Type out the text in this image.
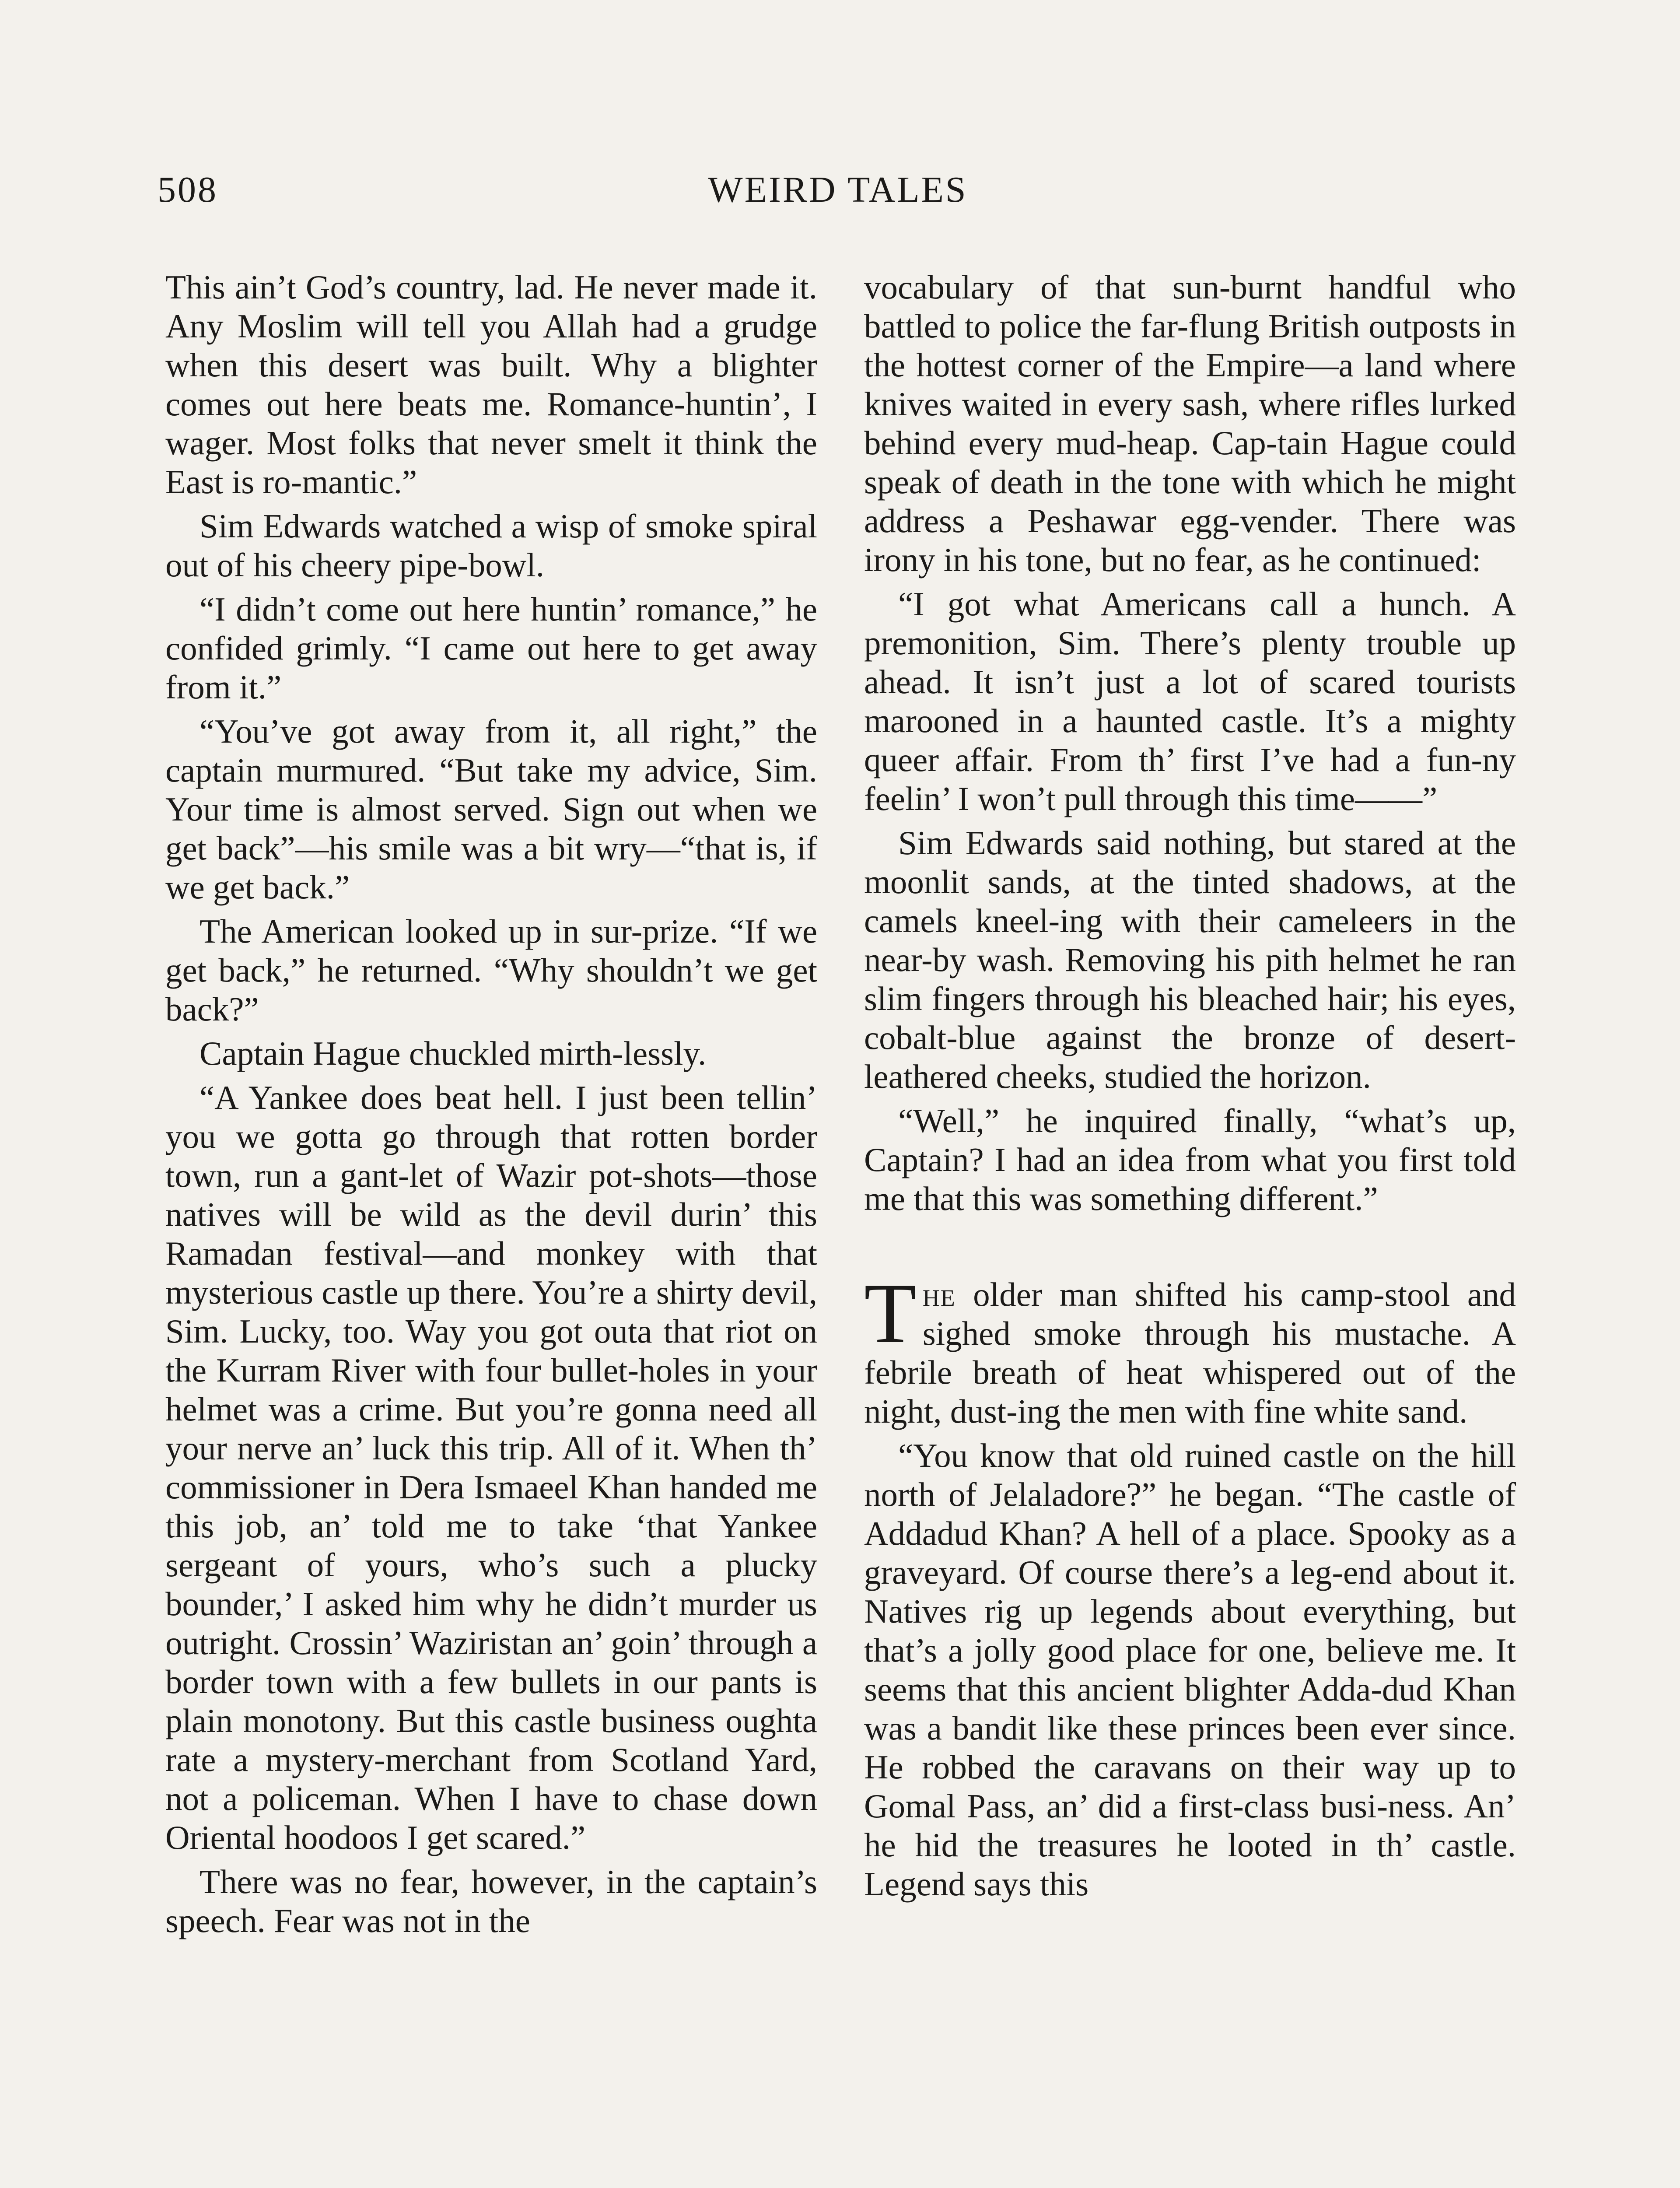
508	WEIRD TALES

This ain’t God’s country, lad. He never made it. Any Moslim will tell you Allah had a grudge when this desert was built. Why a blighter comes out here beats me. Romance-huntin’, I wager. Most folks that never smelt it think the East is ro-mantic.”

Sim Edwards watched a wisp of smoke spiral out of his cheery pipe-bowl.

“I didn’t come out here huntin’ romance,” he confided grimly. “I came out here to get away from it.”

“You’ve got away from it, all right,” the captain murmured. “But take my advice, Sim. Your time is almost served. Sign out when we get back”—his smile was a bit wry—“that is, if we get back.”

The American looked up in sur-prize. “If we get back,” he returned. “Why shouldn’t we get back?”

Captain Hague chuckled mirth-lessly.

“A Yankee does beat hell. I just been tellin’ you we gotta go through that rotten border town, run a gant-let of Wazir pot-shots—those natives will be wild as the devil durin’ this Ramadan festival—and monkey with that mysterious castle up there. You’re a shirty devil, Sim. Lucky, too. Way you got outa that riot on the Kurram River with four bullet-holes in your helmet was a crime. But you’re gonna need all your nerve an’ luck this trip. All of it. When th’ commissioner in Dera Ismaeel Khan handed me this job, an’ told me to take ‘that Yankee sergeant of yours, who’s such a plucky bounder,’ I asked him why he didn’t murder us outright. Crossin’ Waziristan an’ goin’ through a border town with a few bullets in our pants is plain monotony. But this castle business oughta rate a mystery-merchant from Scotland Yard, not a policeman. When I have to chase down Oriental hoodoos I get scared.”

There was no fear, however, in the captain’s speech. Fear was not in the

vocabulary of that sun-burnt handful who battled to police the far-flung British outposts in the hottest corner of the Empire—a land where knives waited in every sash, where rifles lurked behind every mud-heap. Cap-tain Hague could speak of death in the tone with which he might address a Peshawar egg-vender. There was irony in his tone, but no fear, as he continued:

“I got what Americans call a hunch. A premonition, Sim. There’s plenty trouble up ahead. It isn’t just a lot of scared tourists marooned in a haunted castle. It’s a mighty queer affair. From th’ first I’ve had a fun-ny feelin’ I won’t pull through this time——”

Sim Edwards said nothing, but stared at the moonlit sands, at the tinted shadows, at the camels kneel-ing with their cameleers in the near-by wash. Removing his pith helmet he ran slim fingers through his bleached hair; his eyes, cobalt-blue against the bronze of desert-leathered cheeks, studied the horizon.

“Well,” he inquired finally, “what’s up, Captain? I had an idea from what you first told me that this was something different.”

The older man shifted his camp-stool and sighed smoke through his mustache. A febrile breath of heat whispered out of the night, dust-ing the men with fine white sand.

“You know that old ruined castle on the hill north of Jelaladore?” he began. “The castle of Addadud Khan? A hell of a place. Spooky as a graveyard. Of course there’s a leg-end about it. Natives rig up legends about everything, but that’s a jolly good place for one, believe me. It seems that this ancient blighter Adda-dud Khan was a bandit like these princes been ever since. He robbed the caravans on their way up to Gomal Pass, an’ did a first-class busi-ness. An’ he hid the treasures he looted in th’ castle. Legend says this
